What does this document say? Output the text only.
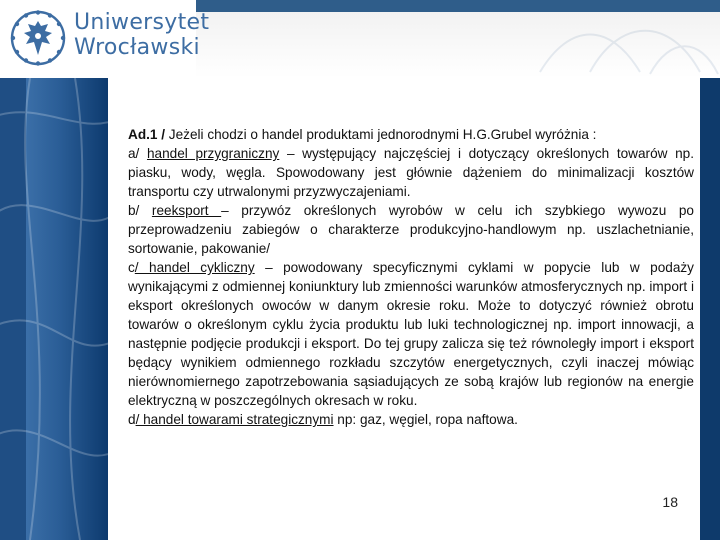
Uniwersytet
Wrocławski

Ad.1 / Jeżeli chodzi o handel produktami jednorodnymi H.G.Grubel wyróżnia :

a/ handel przygraniczny – występujący najczęściej i dotyczący określonych towarów np. piasku, wody, węgla. Spowodowany jest głównie dążeniem do minimalizacji kosztów transportu czy utrwalonymi przyzwyczajeniami.

b/ reeksport – przywóz określonych wyrobów w celu ich szybkiego wywozu po przeprowadzeniu zabiegów o charakterze produkcyjno-handlowym np. uszlachetnianie, sortowanie, pakowanie/

c/ handel cykliczny – powodowany specyficznymi cyklami w popycie lub w podaży wynikającymi z odmiennej koniunktury lub zmienności warunków atmosferycznych np. import i eksport określonych owoców w danym okresie roku. Może to dotyczyć również obrotu towarów o określonym cyklu życia produktu lub luki technologicznej np. import innowacji, a następnie podjęcie produkcji i eksport. Do tej grupy zalicza się też równoległy import i eksport będący wynikiem odmiennego rozkładu szczytów energetycznych, czyli inaczej mówiąc nierównomiernego zapotrzebowania sąsiadujących ze sobą krajów lub regionów na energie elektryczną w poszczególnych okresach w roku.

d/ handel towarami strategicznymi np: gaz, węgiel, ropa naftowa.

18
